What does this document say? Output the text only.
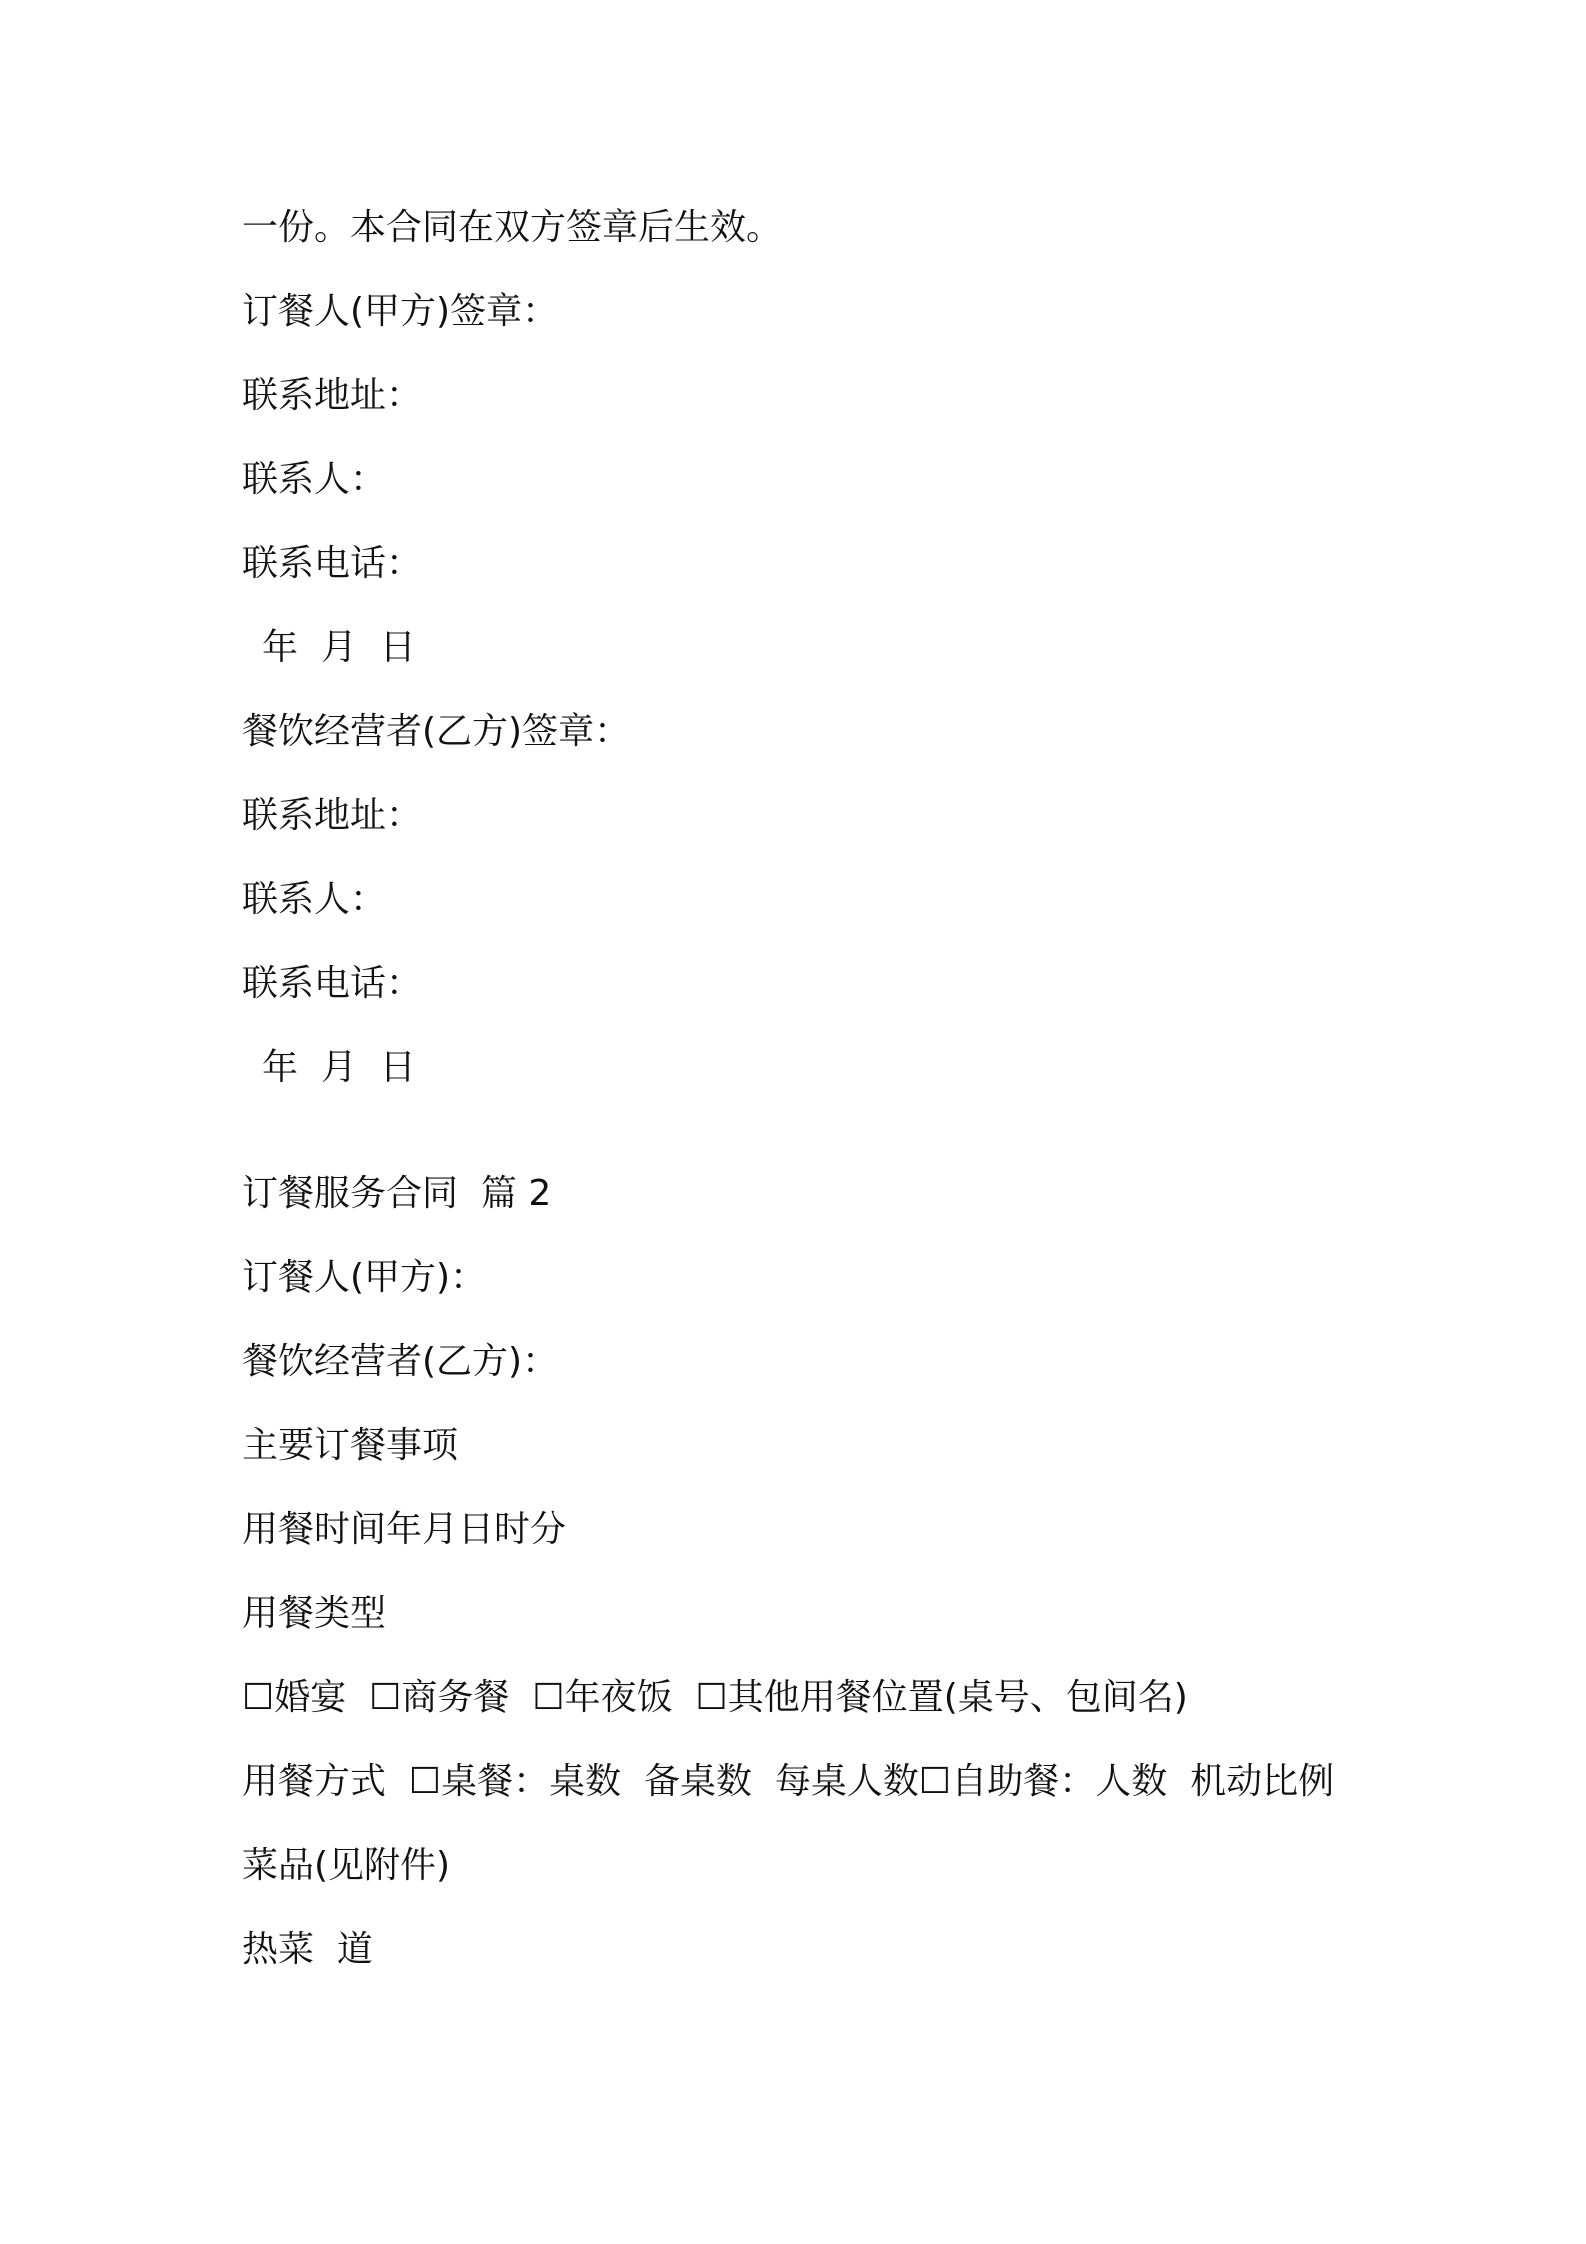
一份。本合同在双方签章后生效。
订餐人(甲方)签章：
联系地址：
联系人：
联系电话：
年  月  日
餐饮经营者(乙方)签章：
联系地址：
联系人：
联系电话：
年  月  日
订餐服务合同  篇 2
订餐人(甲方)：
餐饮经营者(乙方)：
主要订餐事项
用餐时间年月日时分
用餐类型
☐婚宴  ☐商务餐  ☐年夜饭  ☐其他用餐位置(桌号、包间名)
用餐方式  ☐桌餐：桌数  备桌数  每桌人数☐自助餐：人数  机动比例
菜品(见附件)
热菜  道
